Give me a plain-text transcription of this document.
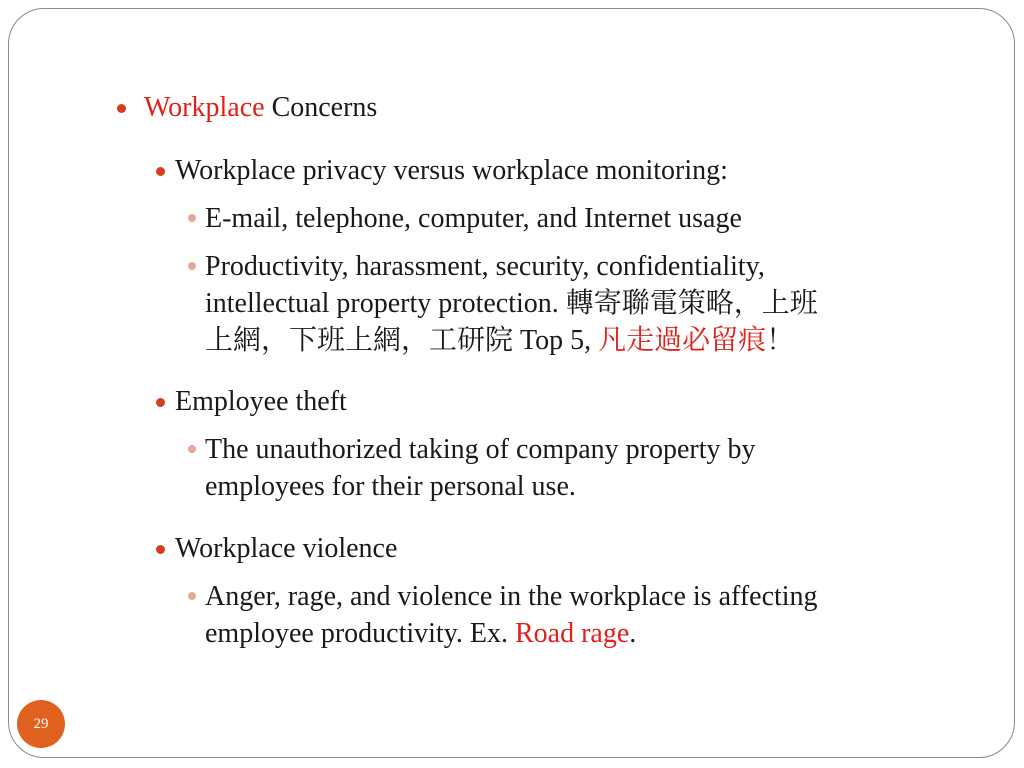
Workplace Concerns
Workplace privacy versus workplace monitoring:
E-mail, telephone, computer, and Internet usage
Productivity, harassment, security, confidentiality,
intellectual property protection. 轉寄聯電策略，上班
上網，下班上網，工研院 Top 5, 凡走過必留痕！
Employee theft
The unauthorized taking of company property by
employees for their personal use.
Workplace violence
Anger, rage, and violence in the workplace is affecting
employee productivity. Ex. Road rage.
29
